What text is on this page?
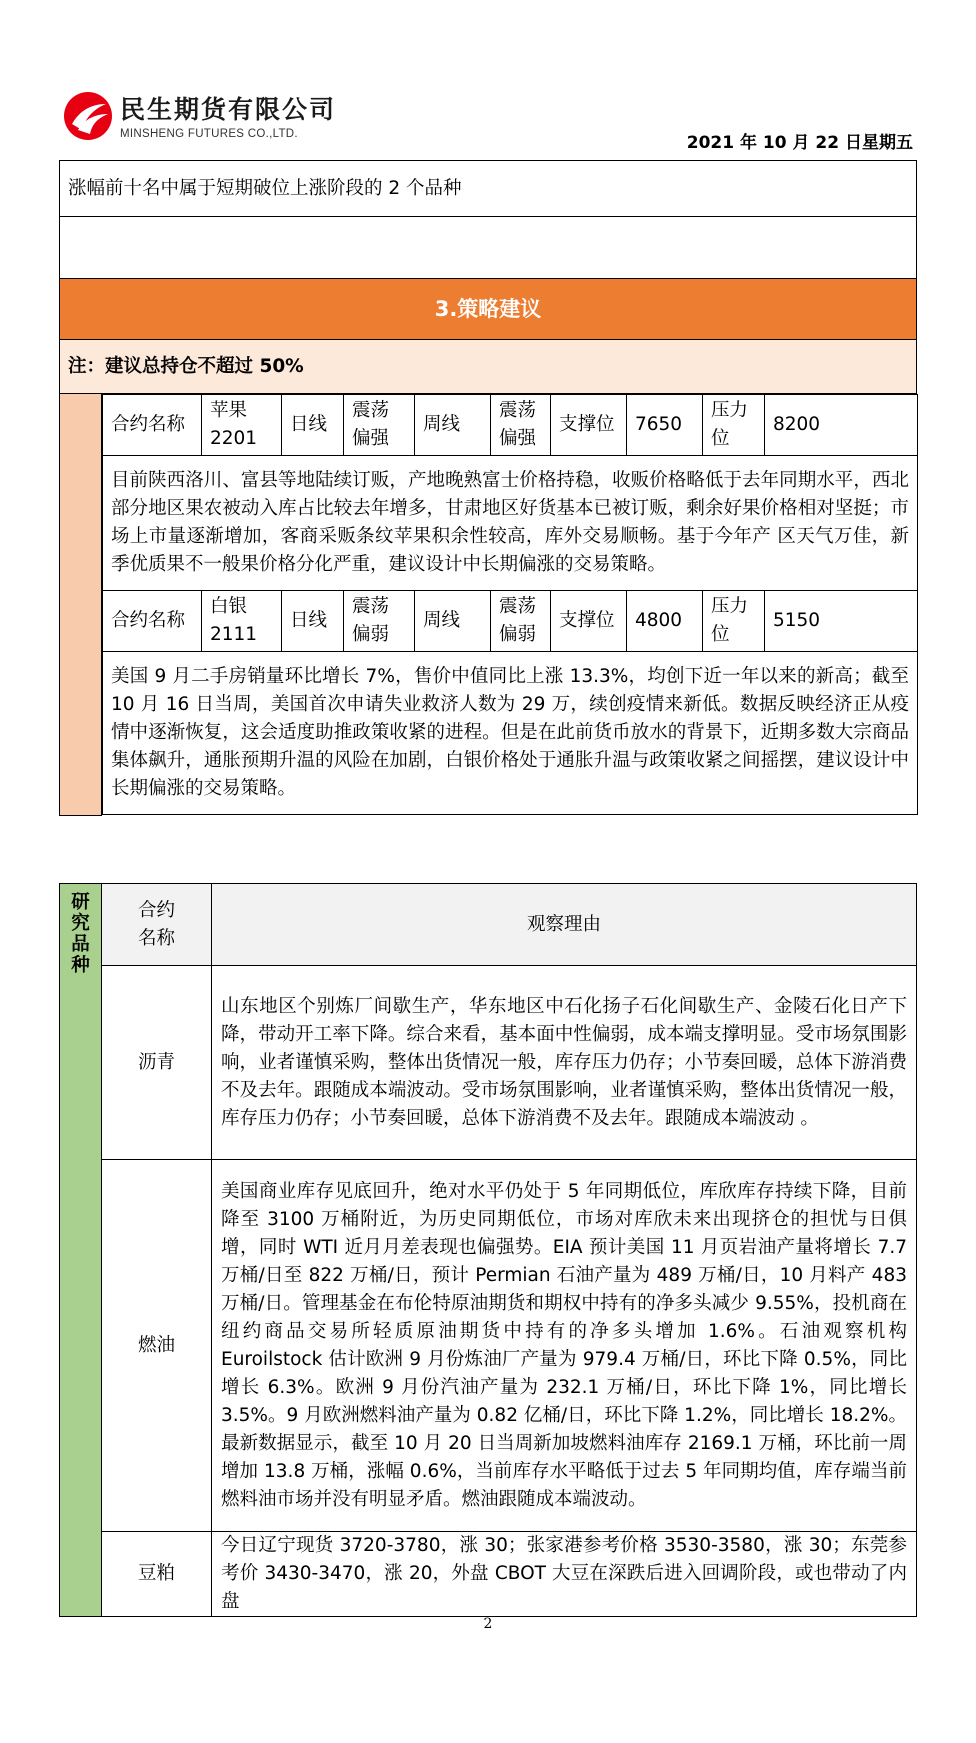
民生期货有限公司
MINSHENG FUTURES CO.,LTD.	2021 年 10 月 22 日星期五
涨幅前十名中属于短期破位上涨阶段的 2 个品种

3.策略建议
注：建议总持仓不超过 50%

合约名称	苹果 2201	日线	震荡偏强	周线	震荡偏强	支撑位	7650	压力位	8200
目前陕西洛川、富县等地陆续订贩，产地晚熟富士价格持稳，收贩价格略低于去年同期水平，西北部分地区果农被动入库占比较去年增多，甘肃地区好货基本已被订贩，剩余好果价格相对坚挺；市场上市量逐渐增加，客商采贩条纹苹果积余性较高，库外交易顺畅。基于今年产 区天气万佳，新季优质果不一般果价格分化严重，建议设计中长期偏涨的交易策略。
合约名称	白银 2111	日线	震荡偏弱	周线	震荡偏弱	支撑位	4800	压力位	5150
美国 9 月二手房销量环比增长 7%，售价中值同比上涨 13.3%，均创下近一年以来的新高；截至 10 月 16 日当周，美国首次申请失业救济人数为 29 万，续创疫情来新低。数据反映经济正从疫情中逐渐恢复，这会适度助推政策收紧的进程。但是在此前货币放水的背景下，近期多数大宗商品集体飙升，通胀预期升温的风险在加剧，白银价格处于通胀升温与政策收紧之间摇摆，建议设计中长期偏涨的交易策略。
研究品种	合约名称	观察理由
	沥青	山东地区个别炼厂间歇生产，华东地区中石化扬子石化间歇生产、金陵石化日产下降，带动开工率下降。综合来看，基本面中性偏弱，成本端支撑明显。受市场氛围影响，业者谨慎采购，整体出货情况一般，库存压力仍存；小节奏回暖，总体下游消费不及去年。跟随成本端波动。受市场氛围影响，业者谨慎采购，整体出货情况一般，库存压力仍存；小节奏回暖，总体下游消费不及去年。跟随成本端波动 。
	燃油	美国商业库存见底回升，绝对水平仍处于 5 年同期低位，库欣库存持续下降，目前降至 3100 万桶附近，为历史同期低位，市场对库欣未来出现挤仓的担忧与日俱增，同时 WTI 近月月差表现也偏强势。EIA 预计美国 11 月页岩油产量将增长 7.7 万桶/日至 822 万桶/日，预计 Permian 石油产量为 489 万桶/日，10 月料产 483 万桶/日。管理基金在布伦特原油期货和期权中持有的净多头减少 9.55%，投机商在纽约商品交易所轻质原油期货中持有的净多头增加 1.6%。石油观察机构 Euroilstock 估计欧洲 9 月份炼油厂产量为 979.4 万桶/日，环比下降 0.5%，同比增长 6.3%。欧洲 9 月份汽油产量为 232.1 万桶/日，环比下降 1%，同比增长 3.5%。9 月欧洲燃料油产量为 0.82 亿桶/日，环比下降 1.2%，同比增长 18.2%。最新数据显示，截至 10 月 20 日当周新加坡燃料油库存 2169.1 万桶，环比前一周增加 13.8 万桶，涨幅 0.6%，当前库存水平略低于过去 5 年同期均值，库存端当前燃料油市场并没有明显矛盾。燃油跟随成本端波动。
	豆粕	今日辽宁现货 3720-3780，涨 30；张家港参考价格 3530-3580，涨 30；东莞参考价 3430-3470，涨 20，外盘 CBOT 大豆在深跌后进入回调阶段，或也带动了内盘
2
